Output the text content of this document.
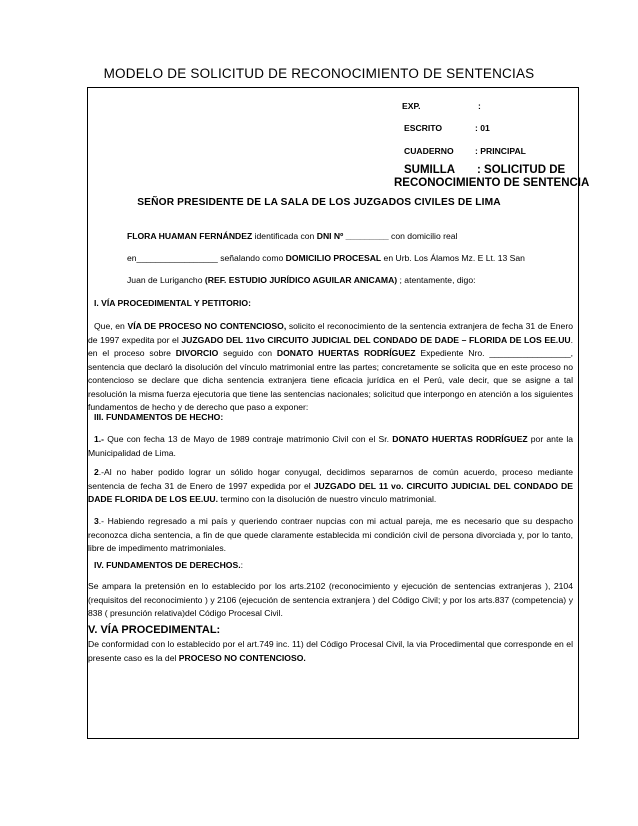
MODELO DE SOLICITUD DE RECONOCIMIENTO DE SENTENCIAS
EXP.	:
ESCRITO	: 01
CUADERNO : PRINCIPAL
SUMILLA : SOLICITUD DE
RECONOCIMIENTO DE SENTENCIA
SEÑOR PRESIDENTE DE LA SALA DE LOS JUZGADOS CIVILES DE LIMA
FLORA HUAMAN FERNÁNDEZ identificada con DNI Nº _________ con domicilio real
en_________________ señalando como DOMICILIO PROCESAL en Urb. Los Álamos Mz. E Lt. 13 San
Juan de Lurigancho (REF. ESTUDIO JURÍDICO AGUILAR ANICAMA) ; atentamente, digo:
I. VÍA PROCEDIMENTAL Y PETITORIO:

Que, en VÍA DE PROCESO NO CONTENCIOSO, solicito el reconocimiento de la sentencia extranjera de fecha 31 de Enero de 1997 expedita por el JUZGADO DEL 11vo CIRCUITO JUDICIAL DEL CONDADO DE DADE – FLORIDA DE LOS EE.UU. en el proceso sobre DIVORCIO seguido con DONATO HUERTAS RODRÍGUEZ Expediente Nro. _________________, sentencia que declaró la disolución del vínculo matrimonial entre las partes; concretamente se solicita que en este proceso no contencioso se declare que dicha sentencia extranjera tiene eficacia jurídica en el Perú, vale decir, que se asigne a tal resolución la misma fuerza ejecutoria que tiene las sentencias nacionales; solicitud que interpongo en atención a los siguientes fundamentos de hecho y de derecho que paso a exponer:

III. FUNDAMENTOS DE HECHO:

1.- Que con fecha 13 de Mayo de 1989 contraje matrimonio Civil con el Sr. DONATO HUERTAS RODRÍGUEZ por ante la Municipalidad de Lima.

2.-Al no haber podido lograr un sólido hogar conyugal, decidimos separarnos de común acuerdo, proceso mediante sentencia de fecha 31 de Enero de 1997 expedida por el JUZGADO DEL 11 vo. CIRCUITO JUDICIAL DEL CONDADO DE DADE FLORIDA DE LOS EE.UU. termino con la disolución de nuestro vinculo matrimonial.

3.- Habiendo regresado a mi país y queriendo contraer nupcias con mi actual pareja, me es necesario que su despacho reconozca dicha sentencia, a fin de que quede claramente establecida mi condición civil de persona divorciada y, por lo tanto, libre de impedimento matrimoniales.

IV. FUNDAMENTOS DE DERECHOS.:

Se ampara la pretensión en lo establecido por los arts.2102 (reconocimiento y ejecución de sentencias extranjeras ), 2104 (requisitos del reconocimiento ) y 2106 (ejecución de sentencia extranjera ) del Código Civil; y por los arts.837 (competencia) y 838 ( presunción relativa)del Código Procesal Civil.

V. VÍA PROCEDIMENTAL:

De conformidad con lo establecido por el art.749 inc. 11) del Código Procesal Civil, la via Procedimental que corresponde en el presente caso es la del PROCESO NO CONTENCIOSO.
